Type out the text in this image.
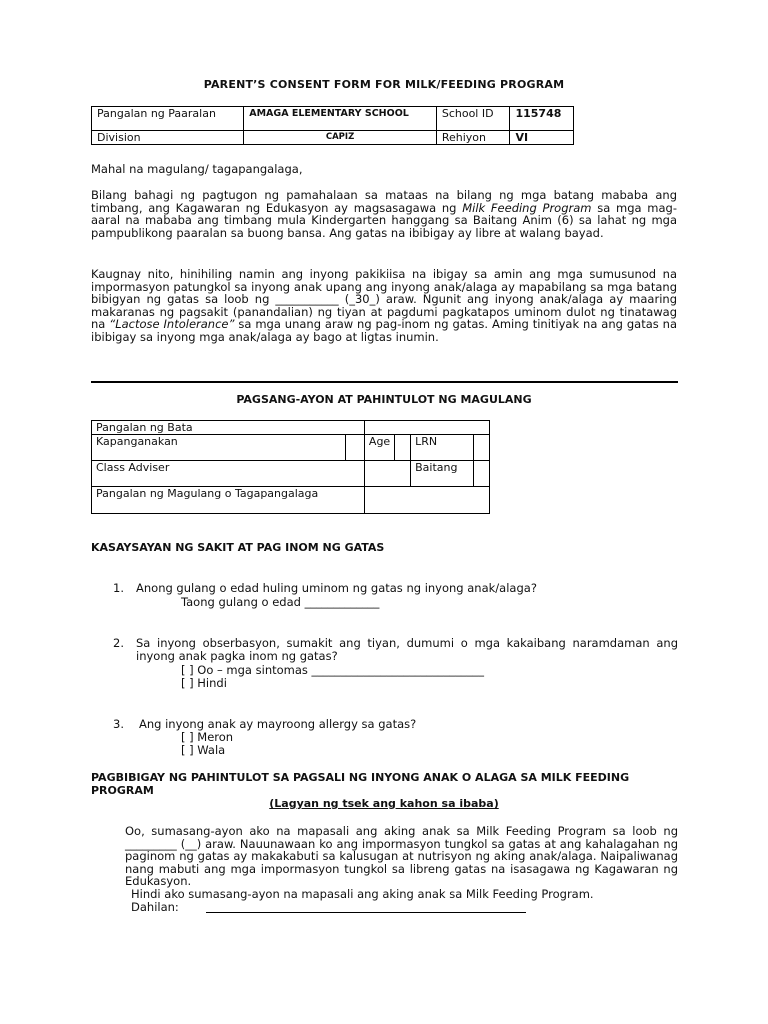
PARENT’S CONSENT FORM FOR MILK/FEEDING PROGRAM
Pangalan ng Paaralan	AMAGA ELEMENTARY SCHOOL	School ID	115748
Division	CAPIZ	Rehiyon	VI
Mahal na magulang/ tagapangalaga,
Bilang bahagi ng pagtugon ng pamahalaan sa mataas na bilang ng mga batang mababa ang timbang, ang Kagawaran ng Edukasyon ay magsasagawa ng Milk Feeding Program sa mga mag-aaral na mababa ang timbang mula Kindergarten hanggang sa Baitang Anim (6) sa lahat ng mga pampublikong paaralan sa buong bansa. Ang gatas na ibibigay ay libre at walang bayad.
Kaugnay nito, hinihiling namin ang inyong pakikiisa na ibigay sa amin ang mga sumusunod na impormasyon patungkol sa inyong anak upang ang inyong anak/alaga ay mapabilang sa mga batang bibigyan ng gatas sa loob ng ___________ (_30_) araw. Ngunit ang inyong anak/alaga ay maaring makaranas ng pagsakit (panandalian) ng tiyan at pagdumi pagkatapos uminom dulot ng tinatawag na “Lactose Intolerance” sa mga unang araw ng pag-inom ng gatas. Aming tinitiyak na ang gatas na ibibigay sa inyong mga anak/alaga ay bago at ligtas inumin.
PAGSANG-AYON AT PAHINTULOT NG MAGULANG
Pangalan ng Bata					
Kapanganakan		Age		LRN	
Class Adviser				Baitang	
Pangalan ng Magulang o Tagapangalaga					
KASAYSAYAN NG SAKIT AT PAG INOM NG GATAS
1. Anong gulang o edad huling uminom ng gatas ng inyong anak/alaga?
Taong gulang o edad _____________
2. Sa inyong obserbasyon, sumakit ang tiyan, dumumi o mga kakaibang naramdaman ang inyong anak pagka inom ng gatas?
[ ] Oo – mga sintomas ______________________________
[ ] Hindi
3. Ang inyong anak ay mayroong allergy sa gatas?
[ ] Meron
[ ] Wala
PAGBIBIGAY NG PAHINTULOT SA PAGSALI NG INYONG ANAK O ALAGA SA MILK FEEDING PROGRAM
(Lagyan ng tsek ang kahon sa ibaba)
Oo, sumasang-ayon ako na mapasali ang aking anak sa Milk Feeding Program sa loob ng _________ (__) araw. Nauunawaan ko ang impormasyon tungkol sa gatas at ang kahalagahan ng paginom ng gatas ay makakabuti sa kalusugan at nutrisyon ng aking anak/alaga. Naipaliwanag nang mabuti ang mga impormasyon tungkol sa libreng gatas na isasagawa ng Kagawaran ng Edukasyon.
Hindi ako sumasang-ayon na mapasali ang aking anak sa Milk Feeding Program.
Dahilan:
